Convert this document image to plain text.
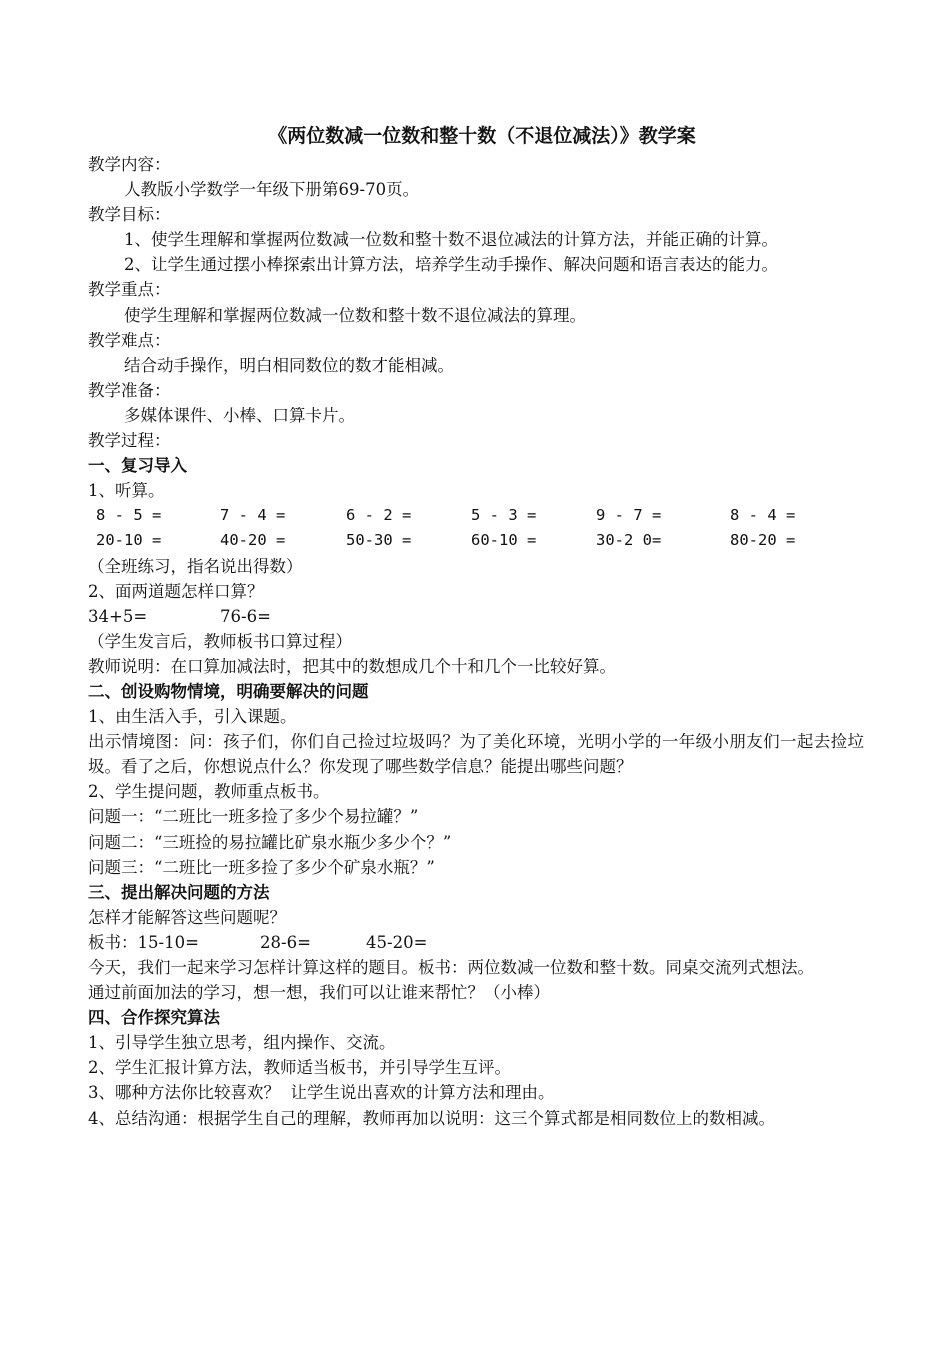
《两位数减一位数和整十数（不退位减法）》教学案
教学内容：
人教版小学数学一年级下册第69-70页。
教学目标：
1、使学生理解和掌握两位数减一位数和整十数不退位减法的计算方法，并能正确的计算。
2、让学生通过摆小棒探索出计算方法，培养学生动手操作、解决问题和语言表达的能力。
教学重点：
使学生理解和掌握两位数减一位数和整十数不退位减法的算理。
教学难点：
结合动手操作，明白相同数位的数才能相减。
教学准备：
多媒体课件、小棒、口算卡片。
教学过程：
一、复习导入
1、听算。
8 - 5 =	7 - 4 =	6 - 2 =	5 - 3 =	9 - 7 =	8 - 4 =
20-10 =	40-20 =	50-30 =	60-10 =	30-2 0=	80-20 =
（全班练习，指名说出得数）
2、面两道题怎样口算？
34+5=	76-6=
（学生发言后，教师板书口算过程）
教师说明：在口算加减法时，把其中的数想成几个十和几个一比较好算。
二、创设购物情境，明确要解决的问题
1、由生活入手，引入课题。
出示情境图：问：孩子们，你们自己捡过垃圾吗？为了美化环境，光明小学的一年级小朋友们一起去捡垃圾。看了之后，你想说点什么？你发现了哪些数学信息？能提出哪些问题？
2、学生提问题，教师重点板书。
问题一：“二班比一班多捡了多少个易拉罐？”
问题二：“三班捡的易拉罐比矿泉水瓶少多少个？”
问题三：“二班比一班多捡了多少个矿泉水瓶？”
三、提出解决问题的方法
怎样才能解答这些问题呢？
板书：15-10=	28-6=	45-20=
今天，我们一起来学习怎样计算这样的题目。板书：两位数减一位数和整十数。同桌交流列式想法。
通过前面加法的学习，想一想，我们可以让谁来帮忙？（小棒）
四、合作探究算法
1、引导学生独立思考，组内操作、交流。
2、学生汇报计算方法，教师适当板书，并引导学生互评。
3、哪种方法你比较喜欢？  让学生说出喜欢的计算方法和理由。
4、总结沟通：根据学生自己的理解，教师再加以说明：这三个算式都是相同数位上的数相减。
